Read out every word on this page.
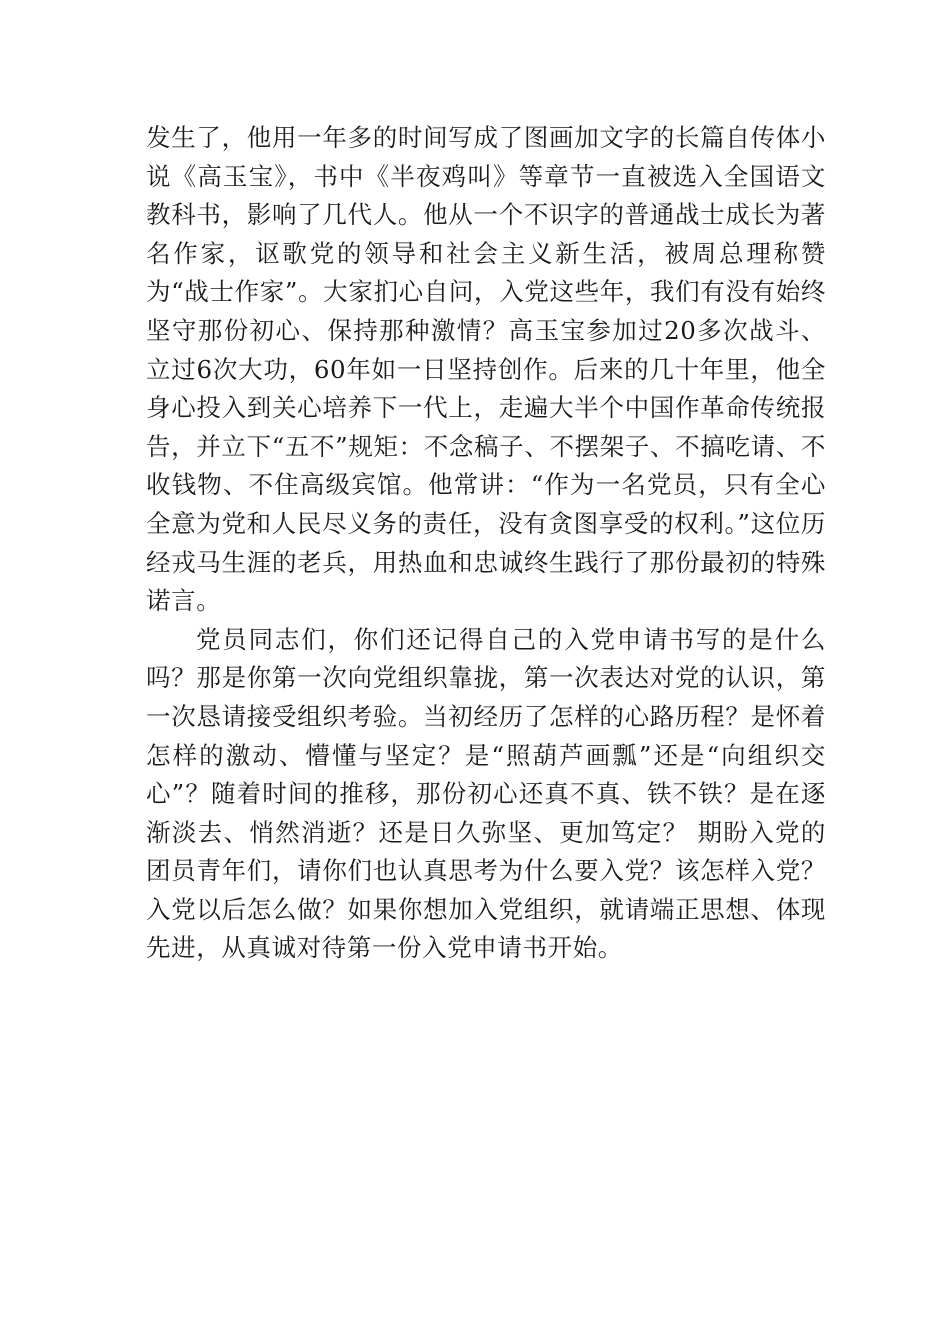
发生了，他用一年多的时间写成了图画加文字的长篇自传体小说《高玉宝》，书中《半夜鸡叫》等章节一直被选入全国语文教科书，影响了几代人。他从一个不识字的普通战士成长为著名作家，讴歌党的领导和社会主义新生活，被周总理称赞为“战士作家”。大家扪心自问，入党这些年，我们有没有始终坚守那份初心、保持那种激情？高玉宝参加过20多次战斗、立过6次大功，60年如一日坚持创作。后来的几十年里，他全身心投入到关心培养下一代上，走遍大半个中国作革命传统报告，并立下“五不”规矩：不念稿子、不摆架子、不搞吃请、不收钱物、不住高级宾馆。他常讲：“作为一名党员，只有全心全意为党和人民尽义务的责任，没有贪图享受的权利。”这位历经戎马生涯的老兵，用热血和忠诚终生践行了那份最初的特殊诺言。

党员同志们，你们还记得自己的入党申请书写的是什么吗？那是你第一次向党组织靠拢，第一次表达对党的认识，第一次恳请接受组织考验。当初经历了怎样的心路历程？是怀着怎样的激动、懵懂与坚定？是“照葫芦画瓢”还是“向组织交心”？随着时间的推移，那份初心还真不真、铁不铁？是在逐渐淡去、悄然消逝？还是日久弥坚、更加笃定？ 期盼入党的团员青年们，请你们也认真思考为什么要入党？该怎样入党？入党以后怎么做？如果你想加入党组织，就请端正思想、体现先进，从真诚对待第一份入党申请书开始。
